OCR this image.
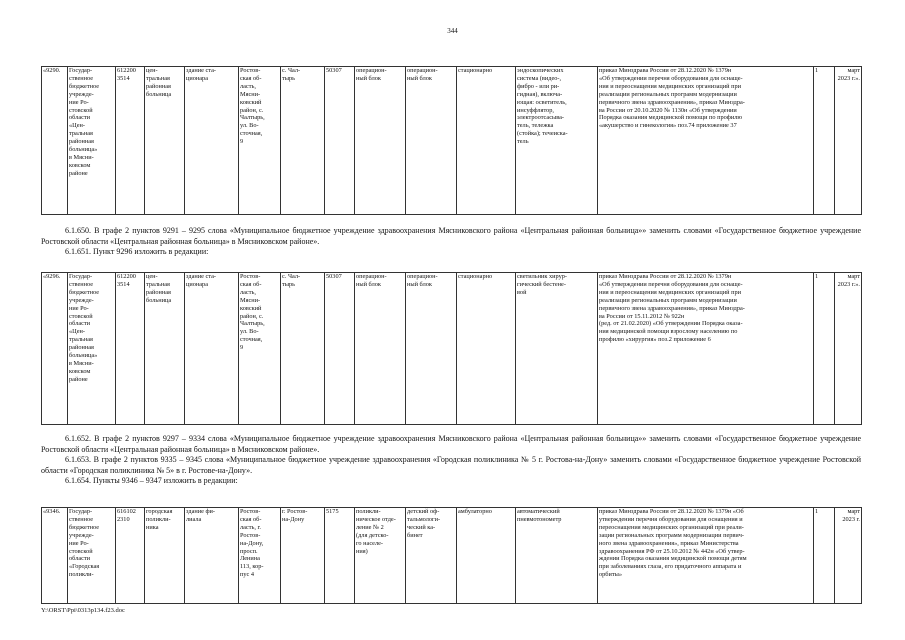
344
«9290.	Государ-
ственное
бюджетное
учрежде-
ние Ро-
стовской
области
«Цен-
тральная
районная
больница»
в Мясни-
ковском
районе	612200
3514	цен-
тральная
районная
больница	здание ста-
ционара	Ростов-
ская об-
ласть,
Мясни-
ковский
район, с.
Чалтырь,
ул. Во-
сточная,
9	с. Чал-
тырь	50307	операцион-
ный блок	операцион-
ный блок	стационарно	эндоскопических
система (видео-,
фибро - или ри-
гидная), включа-
ющая: осветитель,
инсуффлятор,
электроотсасыва-
тель, тележка
(стойка); течеиска-
тель	приказ Минздрава России от 28.12.2020 № 1379н
«Об утверждении перечня оборудования для оснаще-
ния и переоснащения медицинских организаций при
реализации региональных программ модернизации
первичного звена здравоохранения», приказ Минздра-
ва России от 20.10.2020 № 1130н «Об утверждении
Порядка оказания медицинской помощи по профилю
«акушерство и гинекология» поз.74 приложение 37	1	март
2023 г.».

6.1.650. В графе 2 пунктов 9291 – 9295 слова «Муниципальное бюджетное учреждение здравоохранения Мясниковского района «Центральная районная больница»» заменить словами «Государственное бюджетное учреждение Ростовской области «Центральная районная больница» в Мясниковском районе».

6.1.651. Пункт 9296 изложить в редакции:

«9296.	Государ-
ственное
бюджетное
учрежде-
ние Ро-
стовской
области
«Цен-
тральная
районная
больница»
в Мясни-
ковском
районе	612200
3514	цен-
тральная
районная
больница	здание ста-
ционара	Ростов-
ская об-
ласть,
Мясни-
ковский
район, с.
Чалтырь,
ул. Во-
сточная,
9	с. Чал-
тырь	50307	операцион-
ный блок	операцион-
ный блок	стационарно	светильник хирур-
гический бестене-
вой	приказ Минздрава России от 28.12.2020 № 1379н
«Об утверждении перечня оборудования для оснаще-
ния и переоснащения медицинских организаций при
реализации региональных программ модернизации
первичного звена здравоохранения», приказ Минздра-
ва России от 15.11.2012 № 922н
(ред. от 21.02.2020) «Об утверждении Порядка оказа-
ния медицинской помощи взрослому населению по
профилю «хирургия» поз.2 приложение 6	1	март
2023 г.».

6.1.652. В графе 2 пунктов 9297 – 9334 слова «Муниципальное бюджетное учреждение здравоохранения Мясниковского района «Центральная районная больница»» заменить словами «Государственное бюджетное учреждение Ростовской области «Центральная районная больница» в Мясниковском районе».

6.1.653. В графе 2 пунктов 9335 – 9345 слова «Муниципальное бюджетное учреждение здравоохранения «Городская поликлиника № 5 г. Ростова-на-Дону» заменить словами «Государственное бюджетное учреждение Ростовской области «Городская поликлиника № 5» в г. Ростове-на-Дону».

6.1.654. Пункты 9346 – 9347 изложить в редакции:

«9346.	Государ-
ственное
бюджетное
учрежде-
ние Ро-
стовской
области
«Городская
поликли-	616102
2310	городская
поликли-
ника	здание фи-
лиала	Ростов-
ская об-
ласть, г.
Ростов-
на-Дону,
просп.
Ленина
113, кор-
пус 4	г. Ростов-
на-Дону	5175	поликли-
ническое отде-
ление № 2
(для детско-
го населе-
ния)	детский оф-
тальмологи-
ческий ка-
бинет	амбулаторно	автоматический
пневмотонометр	приказ Минздрава России от 28.12.2020 № 1379н «Об
утверждении перечня оборудования для оснащения и
переоснащения медицинских организаций при реали-
зации региональных программ модернизации первич-
ного звена здравоохранения», приказ Министерства
здравоохранения РФ от 25.10.2012 № 442н «Об утвер-
ждении Порядка оказания медицинской помощи детям
при заболеваниях глаза, его придаточного аппарата и
орбиты»	1	март
2023 г.
Y:\ORST\Ppi\0313p134.f23.doc
